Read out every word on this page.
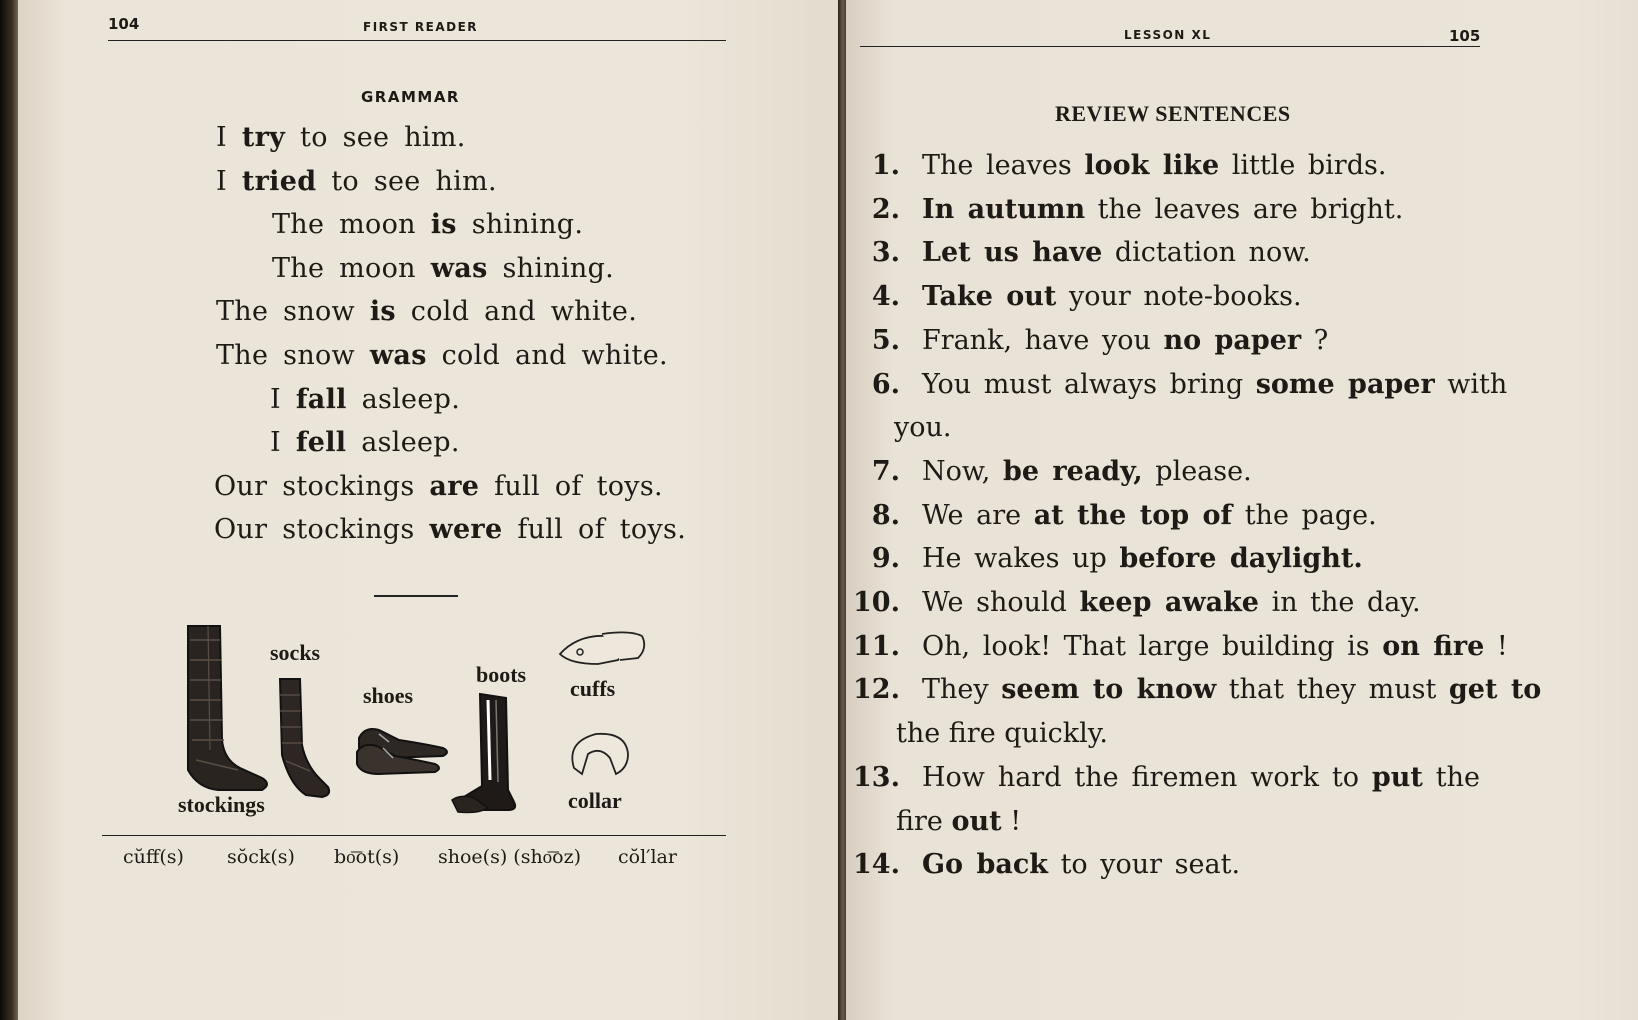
104	FIRST READER
GRAMMAR
I try to see him.
I tried to see him.
The moon is shining.
The moon was shining.
The snow is cold and white.
The snow was cold and white.
I fall asleep.
I fell asleep.
Our stockings are full of toys.
Our stockings were full of toys.
stockings
socks
shoes
boots
cuffs
collar
cŭff(s) sŏck(s) bo͞ot(s) shoe(s) (sho͞oz) cŏl′lar
LESSON XL	105
REVIEW SENTENCES
1. The leaves look like little birds.
2. In autumn the leaves are bright.
3. Let us have dictation now.
4. Take out your note-books.
5. Frank, have you no paper ?
6. You must always bring some paper with
you.
7. Now, be ready, please.
8. We are at the top of the page.
9. He wakes up before daylight.
10. We should keep awake in the day.
11. Oh, look! That large building is on fire !
12. They seem to know that they must get to
the fire quickly.
13. How hard the firemen work to put the
fire out !
14. Go back to your seat.
